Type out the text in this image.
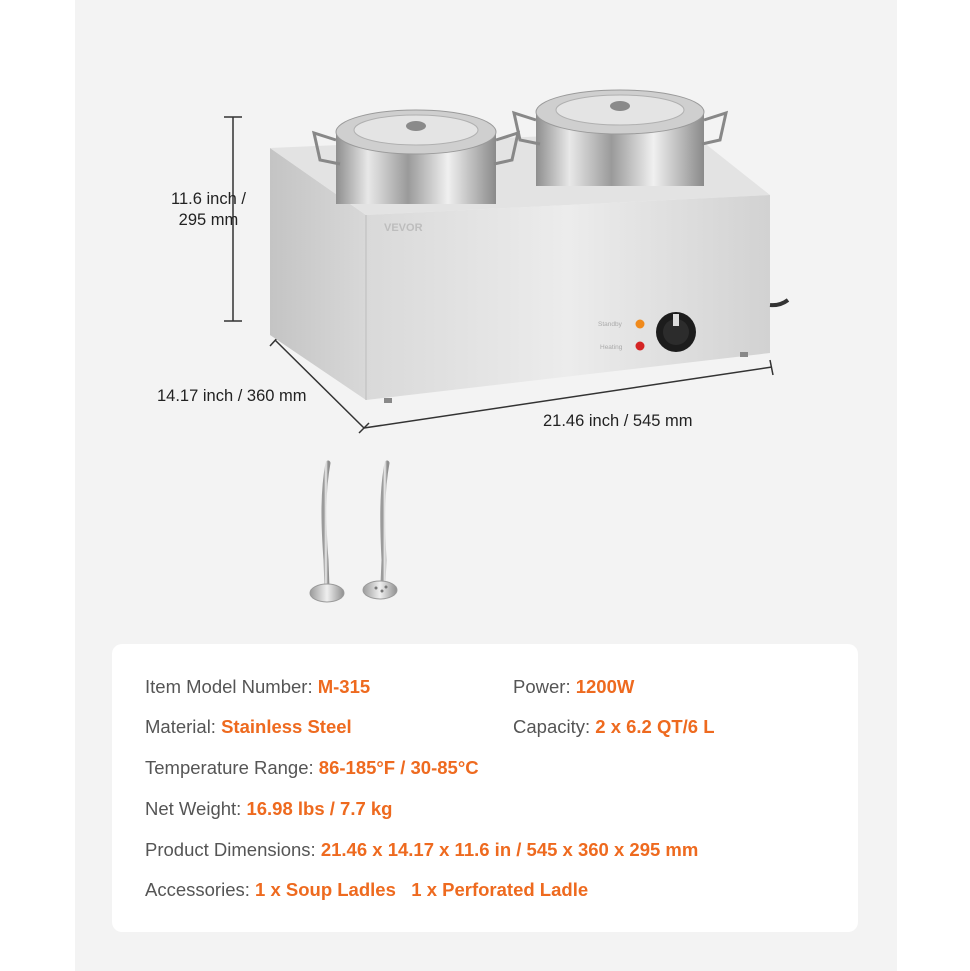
VEVOR
Standby
Heating
11.6 inch /
295 mm
14.17 inch / 360 mm
21.46 inch / 545 mm
Item Model Number: M-315	Power: 1200W
Material: Stainless Steel	Capacity: 2 x 6.2 QT/6 L
Temperature Range: 86-185°F / 30-85°C
Net Weight: 16.98 lbs / 7.7 kg
Product Dimensions: 21.46 x 14.17 x 11.6 in / 545 x 360 x 295 mm
Accessories: 1 x Soup Ladles   1 x Perforated Ladle
